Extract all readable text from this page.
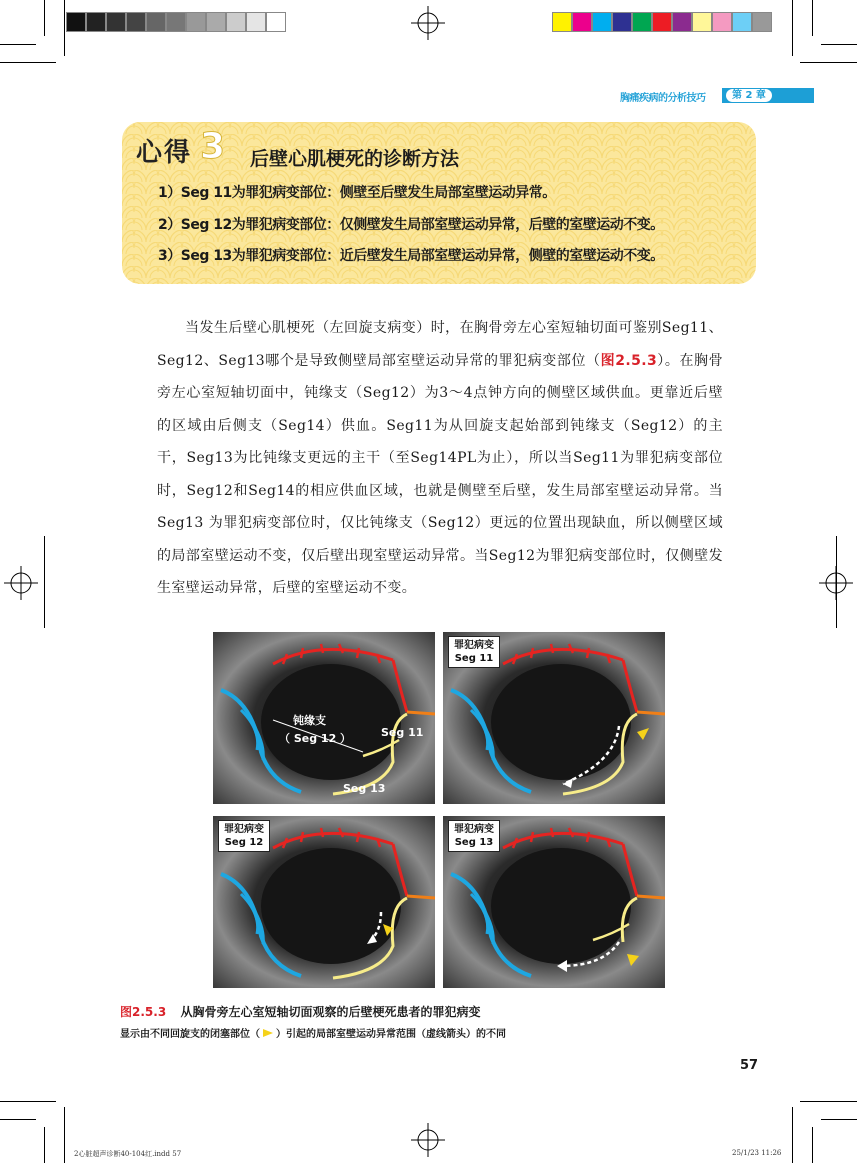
胸痛疾病的分析技巧	第 2 章
心得 3 后壁心肌梗死的诊断方法
1）Seg 11为罪犯病变部位：侧壁至后壁发生局部室壁运动异常。
2）Seg 12为罪犯病变部位：仅侧壁发生局部室壁运动异常，后壁的室壁运动不变。
3）Seg 13为罪犯病变部位：近后壁发生局部室壁运动异常，侧壁的室壁运动不变。
当发生后壁心肌梗死（左回旋支病变）时，在胸骨旁左心室短轴切面可鉴别Seg11、Seg12、Seg13哪个是导致侧壁局部室壁运动异常的罪犯病变部位（图2.5.3）。在胸骨旁左心室短轴切面中，钝缘支（Seg12）为3～4点钟方向的侧壁区域供血。更靠近后壁的区域由后侧支（Seg14）供血。Seg11为从回旋支起始部到钝缘支（Seg12）的主干，Seg13为比钝缘支更远的主干（至Seg14PL为止），所以当Seg11为罪犯病变部位时，Seg12和Seg14的相应供血区域，也就是侧壁至后壁，发生局部室壁运动异常。当Seg13 为罪犯病变部位时，仅比钝缘支（Seg12）更远的位置出现缺血，所以侧壁区域的局部室壁运动不变，仅后壁出现室壁运动异常。当Seg12为罪犯病变部位时，仅侧壁发生室壁运动异常，后壁的室壁运动不变。
钝缘支
（ Seg 12 ）	Seg 11
Seg 13
罪犯病变
Seg 11
罪犯病变
Seg 12
罪犯病变
Seg 13
图2.5.3 从胸骨旁左心室短轴切面观察的后壁梗死患者的罪犯病变
显示由不同回旋支的闭塞部位（ ）引起的局部室壁运动异常范围（虚线箭头）的不同
57
2心脏超声诊断40-104红.indd 57	25/1/23 11:26
